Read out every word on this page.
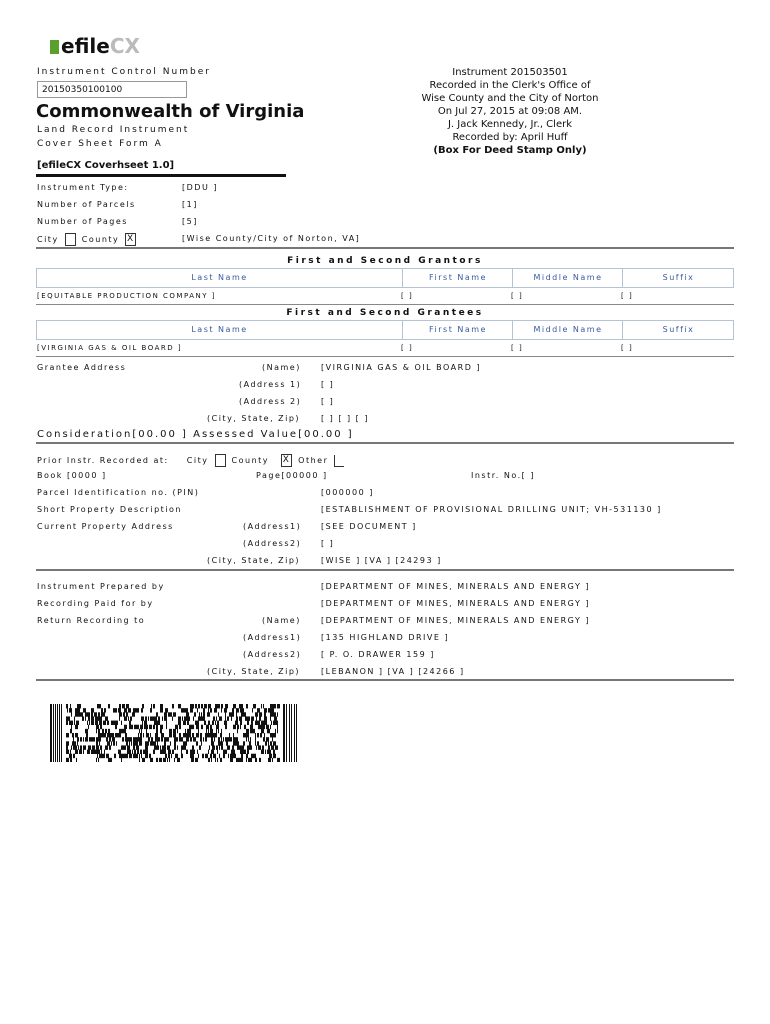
efileCX
Instrument Control Number
20150350100100
Commonwealth of Virginia
Land Record Instrument
Cover Sheet Form A
[efileCX Coverhseet 1.0]
Instrument 201503501
Recorded in the Clerk's Office of
Wise County and the City of Norton
On Jul 27, 2015 at 09:08 AM.
J. Jack Kennedy, Jr., Clerk
Recorded by: April Huff
(Box For Deed Stamp Only)
Instrument Type:	[DDU ]
Number of Parcels	[1]
Number of Pages	[5]
City	County X	[Wise County/City of Norton, VA]
First and Second Grantors
Last Name	First Name	Middle Name	Suffix
[EQUITABLE PRODUCTION COMPANY ]	[ ]	[ ]	[ ]
First and Second Grantees
Last Name	First Name	Middle Name	Suffix
[VIRGINIA GAS & OIL BOARD ]	[ ]	[ ]	[ ]
Grantee Address	(Name)	[VIRGINIA GAS & OIL BOARD ]
(Address 1) [ ]
(Address 2) [ ]
(City, State, Zip)	[ ] [ ] [ ]
Consideration[00.00 ] Assessed Value[00.00 ]
Prior Instr. Recorded at: City	County X Other
Book [0000 ]	Page[00000 ]	Instr. No.[ ]
Parcel Identification no. (PIN)	[000000 ]
Short Property Description	[ESTABLISHMENT OF PROVISIONAL DRILLING UNIT; VH-531130 ]
Current Property Address	(Address1) [SEE DOCUMENT ]
(Address2) [ ]
(City, State, Zip)	[WISE ] [VA ] [24293 ]
Instrument Prepared by	[DEPARTMENT OF MINES, MINERALS AND ENERGY ]
Recording Paid for by	[DEPARTMENT OF MINES, MINERALS AND ENERGY ]
Return Recording to	(Name)	[DEPARTMENT OF MINES, MINERALS AND ENERGY ]
(Address1) [135 HIGHLAND DRIVE ]
(Address2) [ P. O. DRAWER 159 ]
(City, State, Zip)	[LEBANON ] [VA ] [24266 ]
